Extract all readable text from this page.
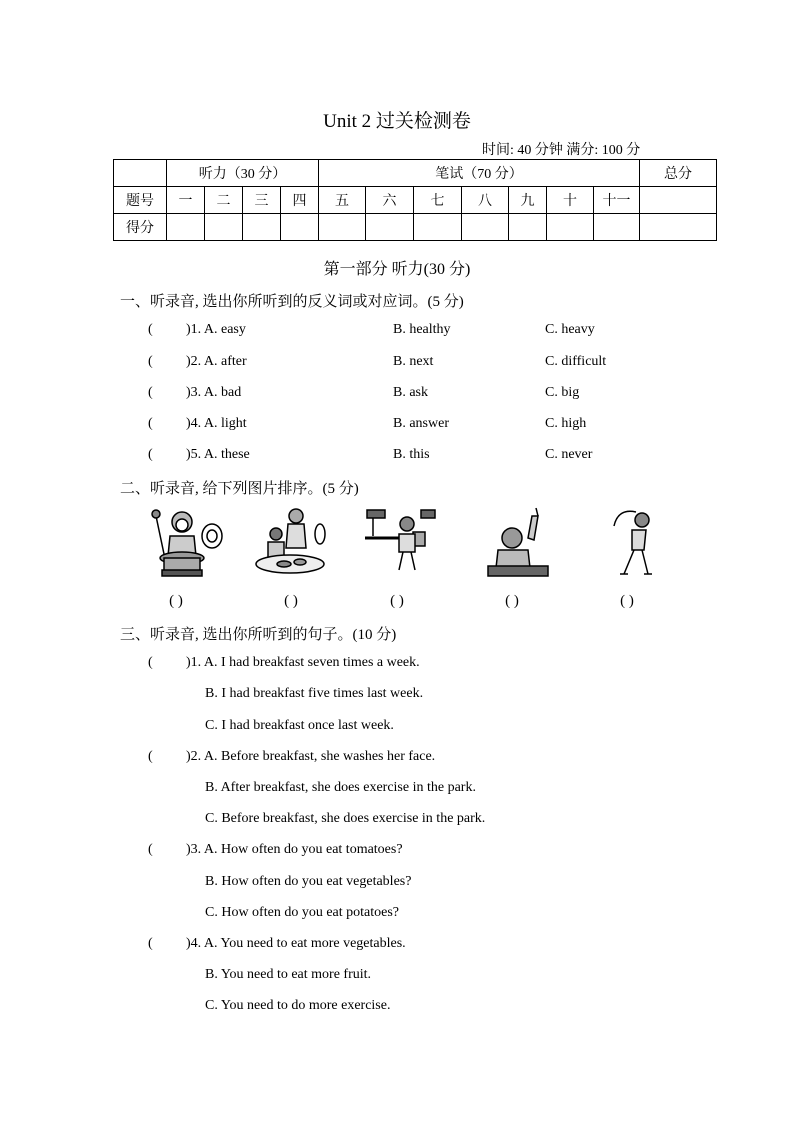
Unit 2 过关检测卷
时间: 40 分钟 满分: 100 分
	听力（30 分）				笔试（70 分）							总分
题号	一	二	三	四	五	六	七	八	九	十	十一	
得分												
第一部分 听力(30 分)
一、听录音, 选出你所听到的反义词或对应词。(5 分)
( )1. A. easy	B. healthy	C. heavy
( )2. A. after	B. next	C. difficult
( )3. A. bad	B. ask	C. big
( )4. A. light	B. answer	C. high
( )5. A. these	B. this	C. never
二、听录音, 给下列图片排序。(5 分)
( )	( )	( )	( )	( )
三、听录音, 选出你所听到的句子。(10 分)
( )1. A. I had breakfast seven times a week.
B. I had breakfast five times last week.
C. I had breakfast once last week.
( )2. A. Before breakfast, she washes her face.
B. After breakfast, she does exercise in the park.
C. Before breakfast, she does exercise in the park.
( )3. A. How often do you eat tomatoes?
B. How often do you eat vegetables?
C. How often do you eat potatoes?
( )4. A. You need to eat more vegetables.
B. You need to eat more fruit.
C. You need to do more exercise.
